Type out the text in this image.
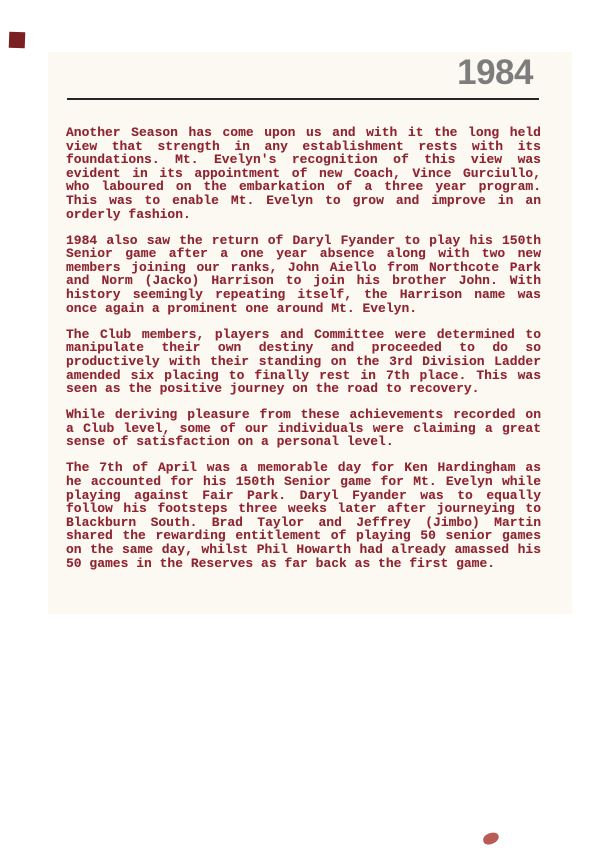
1984
Another Season has come upon us and with it the long held
view that strength in any establishment rests with its
foundations. Mt. Evelyn's recognition of this view was
evident in its appointment of new Coach, Vince Gurciullo,
who laboured on the embarkation of a three year program.
This was to enable Mt. Evelyn to grow and improve in an
orderly fashion.
1984 also saw the return of Daryl Fyander to play his 150th
Senior game after a one year absence along with two new
members joining our ranks, John Aiello from Northcote Park
and Norm (Jacko) Harrison to join his brother John. With
history seemingly repeating itself, the Harrison name was
once again a prominent one around Mt. Evelyn.
The Club members, players and Committee were determined to
manipulate their own destiny and proceeded to do so
productively with their standing on the 3rd Division Ladder
amended six placing to finally rest in 7th place. This was
seen as the positive journey on the road to recovery.
While deriving pleasure from these achievements recorded on
a Club level, some of our individuals were claiming a great
sense of satisfaction on a personal level.
The 7th of April was a memorable day for Ken Hardingham as
he accounted for his 150th Senior game for Mt. Evelyn while
playing against Fair Park. Daryl Fyander was to equally
follow his footsteps three weeks later after journeying to
Blackburn South. Brad Taylor and Jeffrey (Jimbo) Martin
shared the rewarding entitlement of playing 50 senior games
on the same day, whilst Phil Howarth had already amassed his
50 games in the Reserves as far back as the first game.
